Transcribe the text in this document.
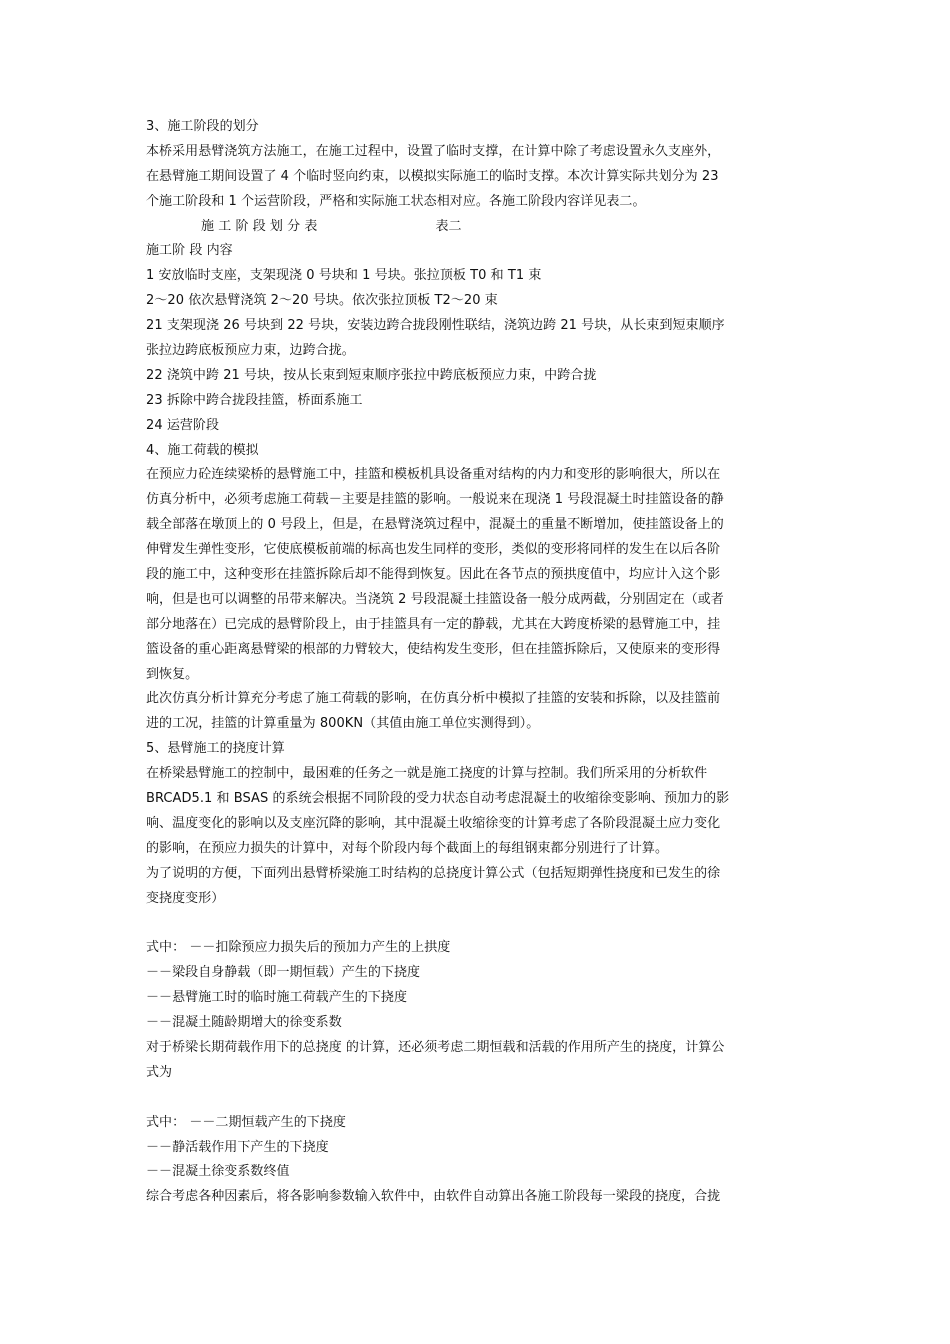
3、施工阶段的划分
本桥采用悬臂浇筑方法施工，在施工过程中，设置了临时支撑，在计算中除了考虑设置永久支座外，
在悬臂施工期间设置了 4 个临时竖向约束，以模拟实际施工的临时支撑。本次计算实际共划分为 23
个施工阶段和 1 个运营阶段，严格和实际施工状态相对应。各施工阶段内容详见表二。
施 工 阶 段 划 分 表	表二
施工阶 段 内容
1 安放临时支座，支架现浇 0 号块和 1 号块。张拉顶板 T0 和 T1 束
2～20 依次悬臂浇筑 2～20 号块。依次张拉顶板 T2～20 束
21 支架现浇 26 号块到 22 号块，安装边跨合拢段刚性联结，浇筑边跨 21 号块，从长束到短束顺序
张拉边跨底板预应力束，边跨合拢。
22 浇筑中跨 21 号块，按从长束到短束顺序张拉中跨底板预应力束，中跨合拢
23 拆除中跨合拢段挂篮，桥面系施工
24 运营阶段
4、施工荷载的模拟
在预应力砼连续梁桥的悬臂施工中，挂篮和模板机具设备重对结构的内力和变形的影响很大，所以在
仿真分析中，必须考虑施工荷载－主要是挂篮的影响。一般说来在现浇 1 号段混凝土时挂篮设备的静
载全部落在墩顶上的 0 号段上，但是，在悬臂浇筑过程中，混凝土的重量不断增加，使挂篮设备上的
伸臂发生弹性变形，它使底模板前端的标高也发生同样的变形，类似的变形将同样的发生在以后各阶
段的施工中，这种变形在挂篮拆除后却不能得到恢复。因此在各节点的预拱度值中，均应计入这个影
响，但是也可以调整的吊带来解决。当浇筑 2 号段混凝土挂篮设备一般分成两截，分别固定在（或者
部分地落在）已完成的悬臂阶段上，由于挂篮具有一定的静载，尤其在大跨度桥梁的悬臂施工中，挂
篮设备的重心距离悬臂梁的根部的力臂较大，使结构发生变形，但在挂篮拆除后，又使原来的变形得
到恢复。
此次仿真分析计算充分考虑了施工荷载的影响，在仿真分析中模拟了挂篮的安装和拆除，以及挂篮前
进的工况，挂篮的计算重量为 800KN（其值由施工单位实测得到）。
5、悬臂施工的挠度计算
在桥梁悬臂施工的控制中，最困难的任务之一就是施工挠度的计算与控制。我们所采用的分析软件
BRCAD5.1 和 BSAS 的系统会根据不同阶段的受力状态自动考虑混凝土的收缩徐变影响、预加力的影
响、温度变化的影响以及支座沉降的影响，其中混凝土收缩徐变的计算考虑了各阶段混凝土应力变化
的影响，在预应力损失的计算中，对每个阶段内每个截面上的每组钢束都分别进行了计算。
为了说明的方便，下面列出悬臂桥梁施工时结构的总挠度计算公式（包括短期弹性挠度和已发生的徐
变挠度变形）
式中： －－扣除预应力损失后的预加力产生的上拱度
－－梁段自身静载（即一期恒载）产生的下挠度
－－悬臂施工时的临时施工荷载产生的下挠度
－－混凝土随龄期增大的徐变系数
对于桥梁长期荷载作用下的总挠度 的计算，还必须考虑二期恒载和活载的作用所产生的挠度，计算公
式为
式中： －－二期恒载产生的下挠度
－－静活载作用下产生的下挠度
－－混凝土徐变系数终值
综合考虑各种因素后，将各影响参数输入软件中，由软件自动算出各施工阶段每一梁段的挠度，合拢
